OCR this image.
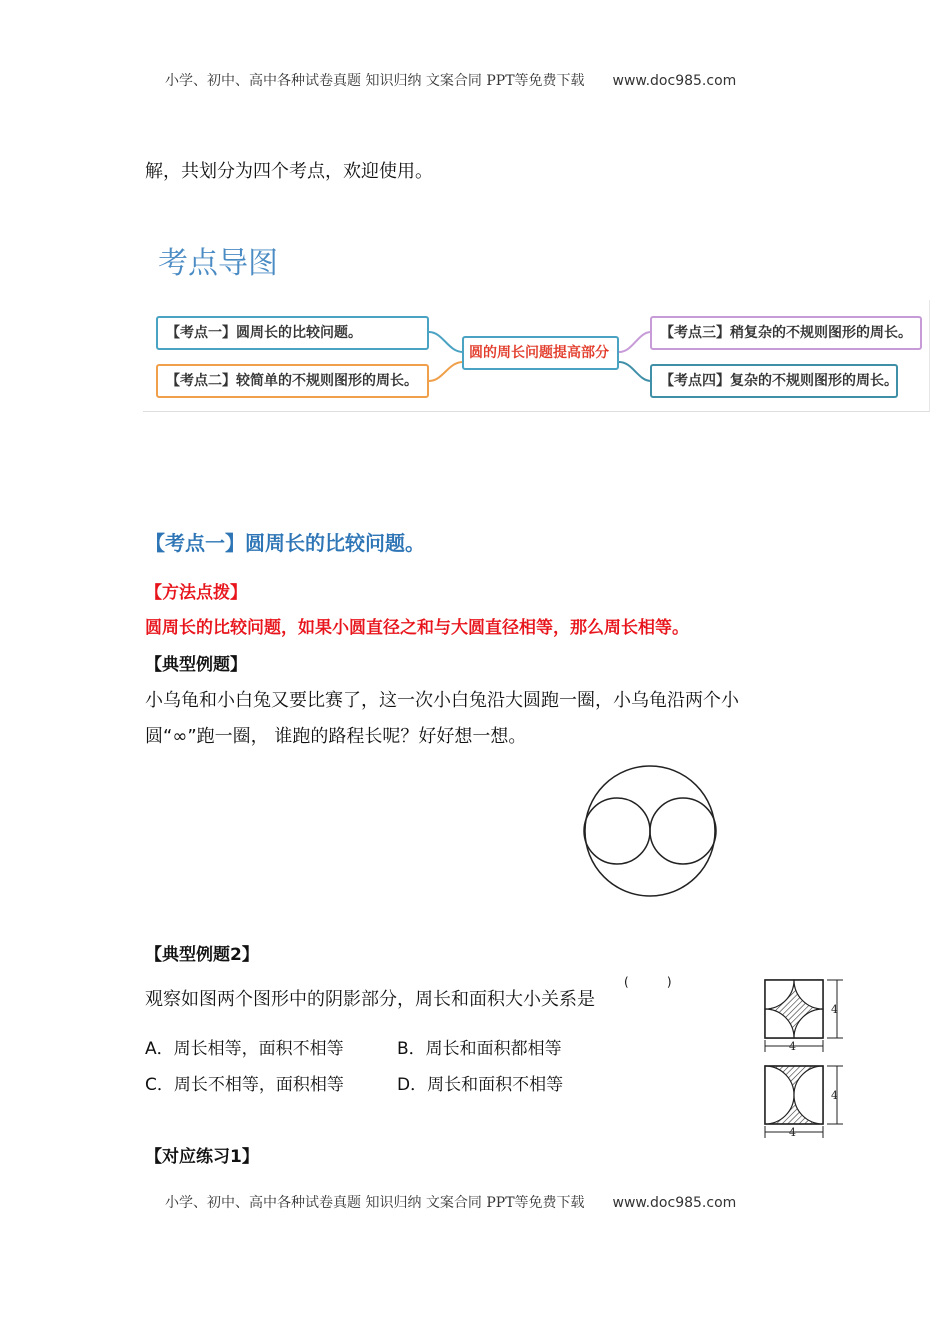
小学、初中、高中各种试卷真题 知识归纳 文案合同 PPT等免费下载 www.doc985.com
解，共划分为四个考点，欢迎使用。
考点导图
【考点一】圆周长的比较问题。
【考点二】较简单的不规则图形的周长。
圆的周长问题提高部分
【考点三】稍复杂的不规则图形的周长。
【考点四】复杂的不规则图形的周长。
【考点一】圆周长的比较问题。
【方法点拨】
圆周长的比较问题，如果小圆直径之和与大圆直径相等，那么周长相等。
【典型例题】
小乌龟和小白兔又要比赛了，这一次小白兔沿大圆跑一圈，小乌龟沿两个小
圆“∞”跑一圈， 谁跑的路程长呢？好好想一想。
【典型例题2】
观察如图两个图形中的阴影部分，周长和面积大小关系是
(          )
A．周长相等，面积不相等	B．周长和面积都相等
C．周长不相等，面积相等	D．周长和面积不相等
4
4
4
4
【对应练习1】
小学、初中、高中各种试卷真题 知识归纳 文案合同 PPT等免费下载 www.doc985.com
